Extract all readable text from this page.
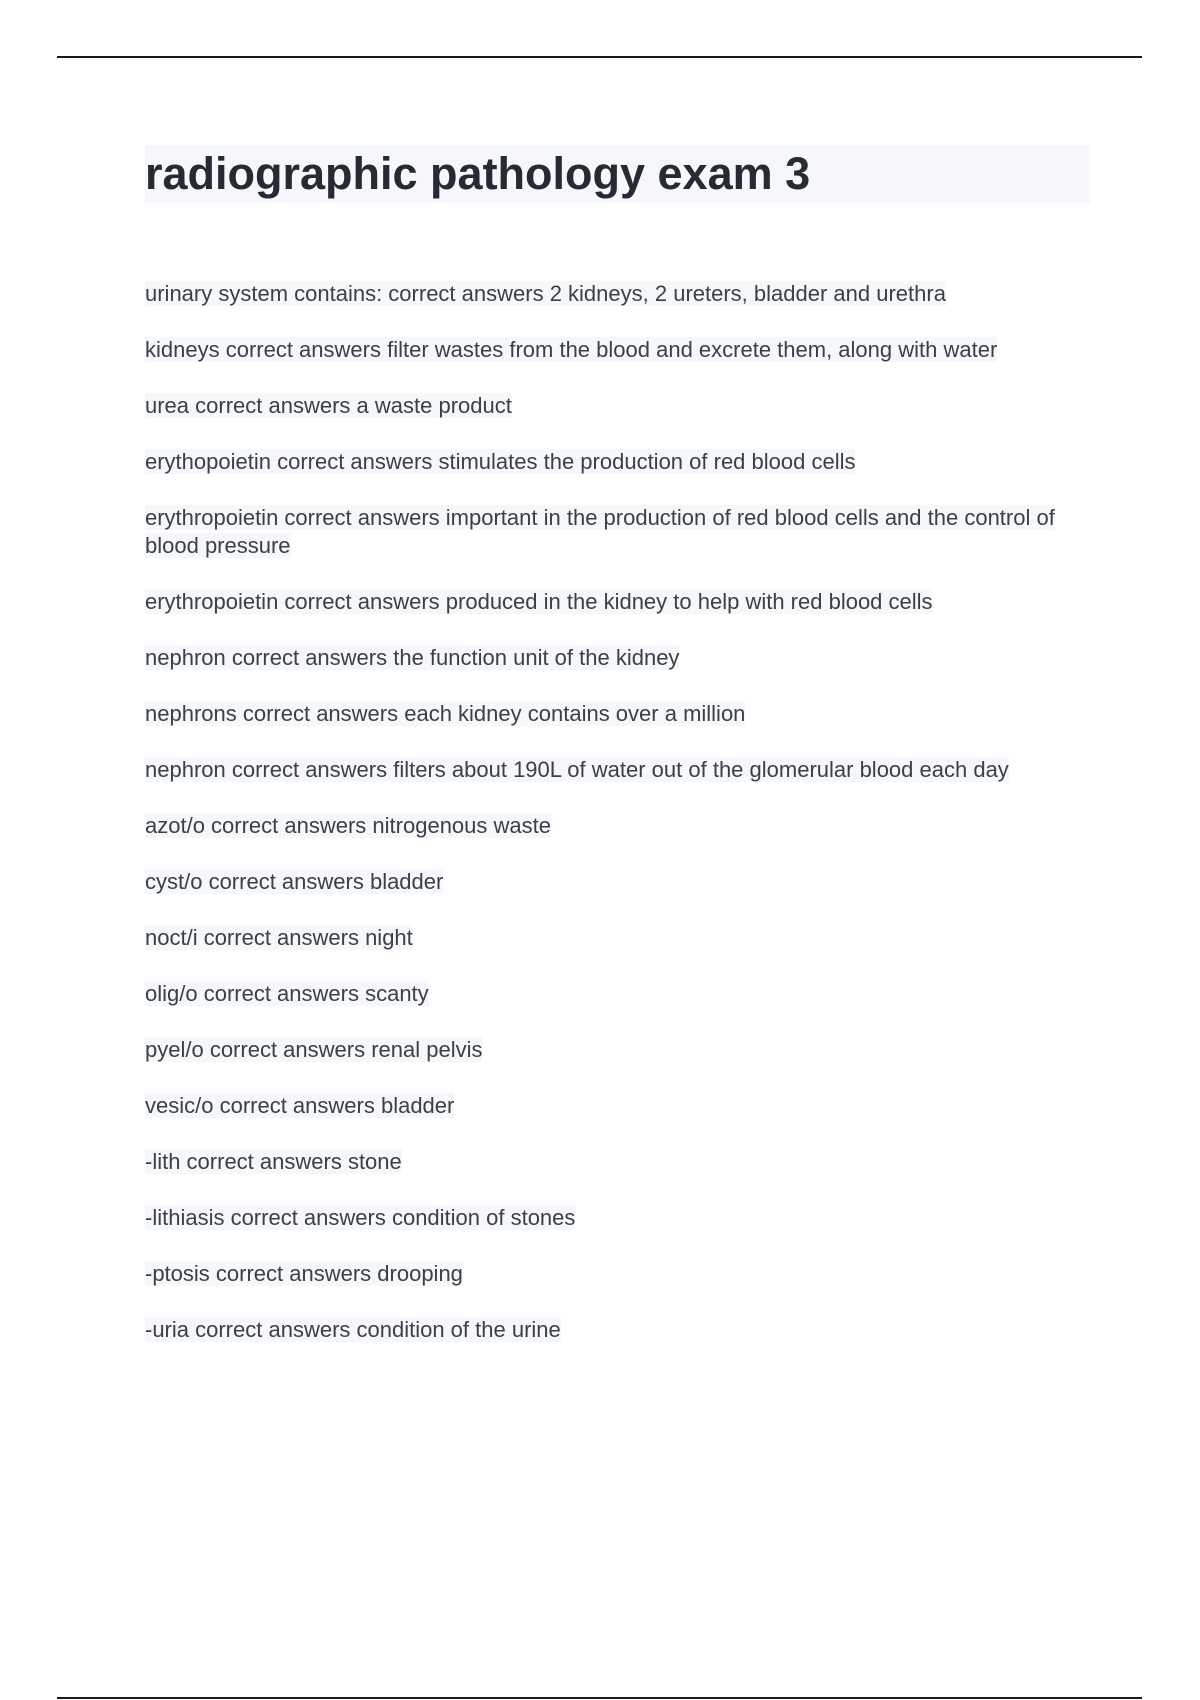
radiographic pathology exam 3
urinary system contains: correct answers 2 kidneys, 2 ureters, bladder and urethra
kidneys correct answers filter wastes from the blood and excrete them, along with water
urea correct answers a waste product
erythopoietin correct answers stimulates the production of red blood cells
erythropoietin correct answers important in the production of red blood cells and the control of blood pressure
erythropoietin correct answers produced in the kidney to help with red blood cells
nephron correct answers the function unit of the kidney
nephrons correct answers each kidney contains over a million
nephron correct answers filters about 190L of water out of the glomerular blood each day
azot/o correct answers nitrogenous waste
cyst/o correct answers bladder
noct/i correct answers night
olig/o correct answers scanty
pyel/o correct answers renal pelvis
vesic/o correct answers bladder
-lith correct answers stone
-lithiasis correct answers condition of stones
-ptosis correct answers drooping
-uria correct answers condition of the urine
